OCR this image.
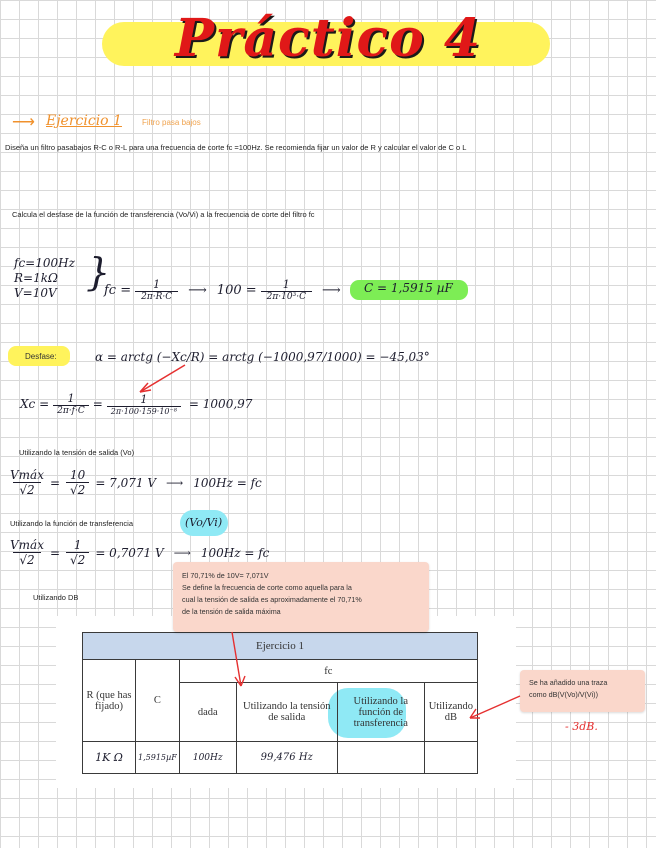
Práctico 4
⟶ Ejercicio 1	Filtro pasa bajos
Diseña un filtro pasabajos R-C o R-L para una frecuencia de corte fc =100Hz. Se recomienda fijar un valor de R y calcular el valor de C o L
Calcula el desfase de la función de transferencia (Vo/Vi) a la frecuencia de corte del filtro fc
fc=100Hz
R=1kΩ
V=10V }
fc = 1
2π·R·C	⟶ 100 = 1
2π·10³·C	⟶ C = 1,5915 µF
Desfase:	α = arctg (−Xc/R) = arctg (−1000,97/1000) = −45,03°
Xc = 1
2π·f·C =	1
2π·100·159·10⁻⁸	= 1000,97
Utilizando la tensión de salida (Vo)
Vmáx
√2
= $\frac{10}{√2} = 7,071$ V ⟶ 100Hz = fc
Utilizando la función de transferencia	(Vo/Vi)
Vmáx
√2
= $\frac{1}{√2} = 0,7071$ V ⟶ 100Hz = fc
Utilizando DB
Ejercicio 1					
R (que has fijado)	C	fc			
		dada	Utilizando la tensión de salida	Utilizando la función de transferencia	Utilizando dB
1K Ω	1,5915µF	100Hz	99,476 Hz		
El 70,71% de 10V= 7,071V
Se define la frecuencia de corte como aquella para la
cual la tensión de salida es aproximadamente el 70,71%
de la tensión de salida máxima
Se ha añadido una traza
como dB(V(Vo)/V(Vi))
- 3dB.
